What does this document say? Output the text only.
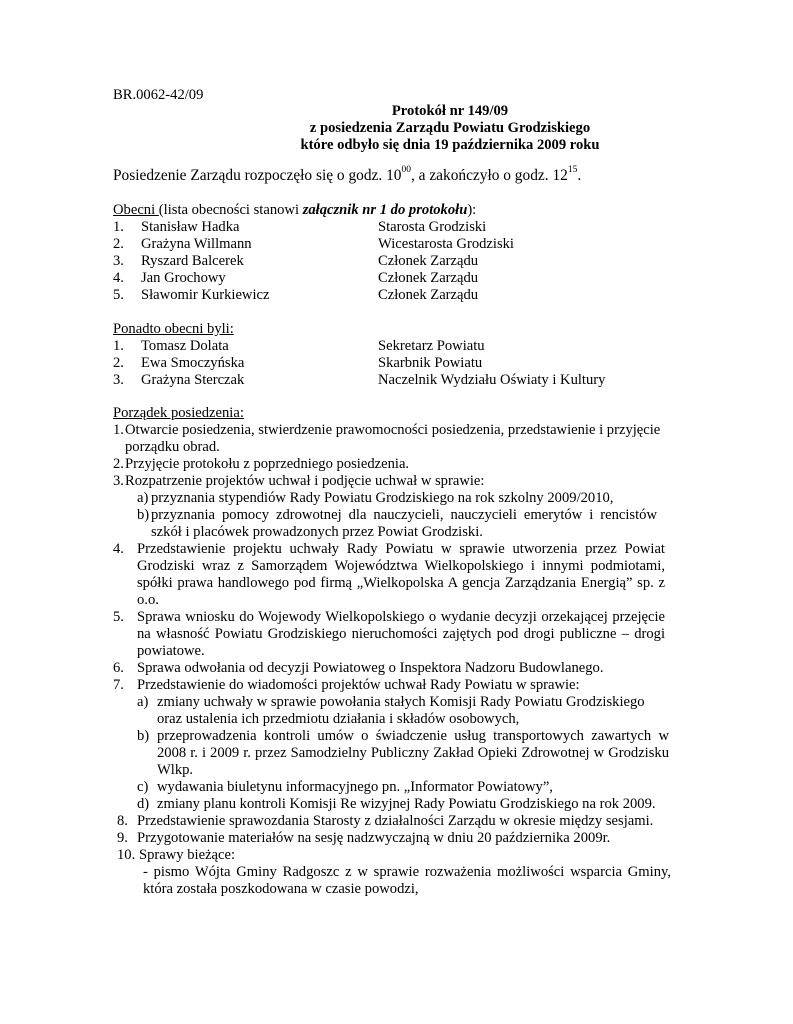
BR.0062-42/09
Protokół nr 149/09
z posiedzenia Zarządu Powiatu Grodziskiego
które odbyło się dnia 19 października 2009 roku
Posiedzenie Zarządu rozpoczęło się o godz. $10^{00}$, a zakończyło o godz. $12^{15}$.
Obecni (lista obecności stanowi załącznik nr 1 do protokołu):
1. Stanisław Hadka	Starosta Grodziski
2. Grażyna Willmann	Wicestarosta Grodziski
3. Ryszard Balcerek	Członek Zarządu
4. Jan Grochowy	Członek Zarządu
5. Sławomir Kurkiewicz	Członek Zarządu
Ponadto obecni byli:
1. Tomasz Dolata	Sekretarz Powiatu
2. Ewa Smoczyńska	Skarbnik Powiatu
3. Grażyna Sterczak	Naczelnik Wydziału Oświaty i Kultury
Porządek posiedzenia:
1. Otwarcie posiedzenia, stwierdzenie prawomocności posiedzenia, przedstawienie i przyjęcie porządku obrad.
2. Przyjęcie protokołu z poprzedniego posiedzenia.
3. Rozpatrzenie projektów uchwał i podjęcie uchwał w sprawie:
a) przyznania stypendiów Rady Powiatu Grodziskiego na rok szkolny 2009/2010,
b) przyznania pomocy zdrowotnej dla nauczycieli, nauczycieli emerytów i rencistów szkół i placówek prowadzonych przez Powiat Grodziski.
4. Przedstawienie projektu uchwały Rady Powiatu w sprawie utworzenia przez Powiat Grodziski wraz z Samorządem Województwa Wielkopolskiego i innymi podmiotami, spółki prawa handlowego pod firmą „Wielkopolska A gencja Zarządzania Energią” sp. z o.o.
5. Sprawa wniosku do Wojewody Wielkopolskiego o wydanie decyzji orzekającej przejęcie na własność Powiatu Grodziskiego nieruchomości zajętych pod drogi publiczne – drogi powiatowe.
6. Sprawa odwołania od decyzji Powiatoweg o Inspektora Nadzoru Budowlanego.
7. Przedstawienie do wiadomości projektów uchwał Rady Powiatu w sprawie:
a) zmiany uchwały w sprawie powołania stałych Komisji Rady Powiatu Grodziskiego oraz ustalenia ich przedmiotu działania i składów osobowych,
b) przeprowadzenia kontroli umów o świadczenie usług transportowych zawartych w 2008 r. i 2009 r. przez Samodzielny Publiczny Zakład Opieki Zdrowotnej w Grodzisku Wlkp.
c) wydawania biuletynu informacyjnego pn. „Informator Powiatowy”,
d) zmiany planu kontroli Komisji Re wizyjnej Rady Powiatu Grodziskiego na rok 2009.
8. Przedstawienie sprawozdania Starosty z działalności Zarządu w okresie między sesjami.
9. Przygotowanie materiałów na sesję nadzwyczajną w dniu 20 października 2009r.
10. Sprawy bieżące:
- pismo Wójta Gminy Radgoszc z w sprawie rozważenia możliwości wsparcia Gminy, która została poszkodowana w czasie powodzi,
